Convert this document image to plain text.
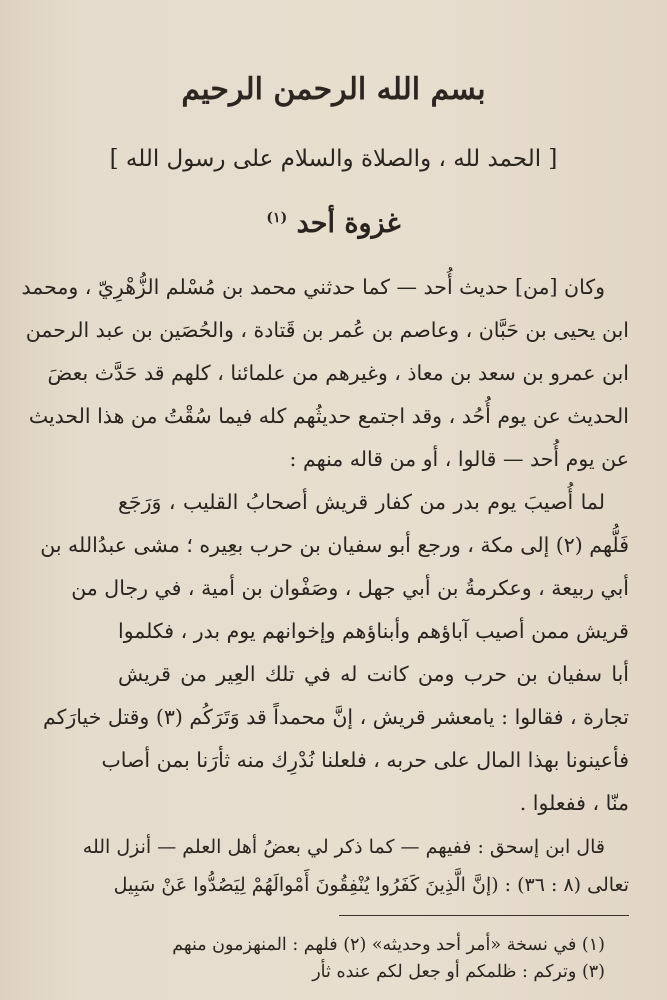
بسم الله الرحمن الرحيم
[ الحمد لله ، والصلاة والسلام على رسول الله ]
غزوة أحد $^{(١)}$
وكان [من] حديث أُحد — كما حدثني محمد بن مُسْلم الزُّهْرِيّ ، ومحمد
ابن يحيى بن حَبَّان ، وعاصم بن عُمر بن قَتادة ، والحُصَين بن عبد الرحمن
ابن عمرو بن سعد بن معاذ ، وغيرهم من علمائنا ، كلهم قد حَدَّث بعضَ
الحديث عن يوم أُحُد ، وقد اجتمع حديثُهم كله فيما سُقْتُ من هذا الحديث
عن يوم أُحد — قالوا ، أو من قاله منهم :
لما أُصيبَ يوم بدر من كفار قريش أصحابُ القليب ، وَرَجَع
فَلُّهم (٢) إلى مكة ، ورجع أبو سفيان بن حرب بعِيره ؛ مشى عبدُالله بن
أبي ربيعة ، وعكرمةُ بن أبي جهل ، وصَفْوان بن أمية ، في رجال من
قريش ممن أصيب آباؤهم وأبناؤهم وإخوانهم يوم بدر ، فكلموا
أبا سفيان بن حرب ومن كانت له في تلك العِير من قريش
تجارة ، فقالوا : يامعشر قريش ، إنَّ محمداً قد وَتَرَكُم (٣) وقتل خيارَكم
فأعينونا بهذا المال على حربه ، فلعلنا نُدْرِك منه ثأرَنا بمن أصاب
منّا ، ففعلوا .
قال ابن إسحق : ففيهم — كما ذكر لي بعضُ أهل العلم — أنزل الله
تعالى (٨ : ٣٦) : (إنَّ الَّذِينَ كَفَرُوا يُنْفِقُونَ أَمْوالَهُمْ لِيَصُدُّوا عَنْ سَبِيل
(١) في نسخة «أمر أحد وحديثه» (٢) فلهم : المنهزمون منهم
(٣) وتركم : ظلمكم أو جعل لكم عنده ثأر
